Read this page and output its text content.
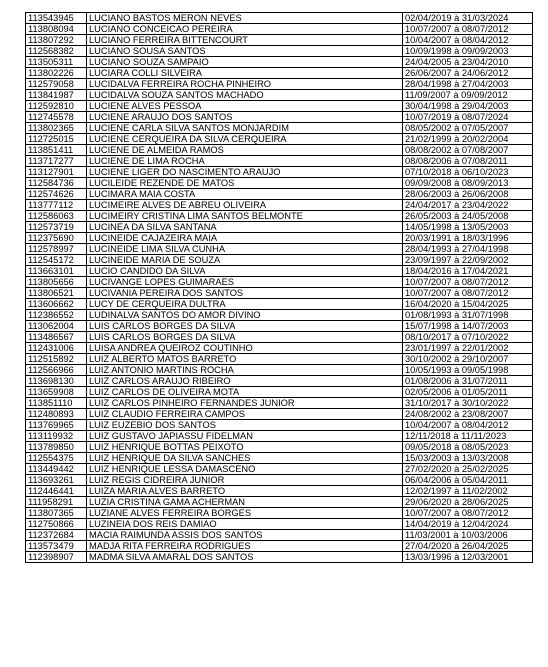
113543945	LUCIANO BASTOS MERON NEVES	02/04/2019 à 31/03/2024
113808094	LUCIANO CONCEICAO PEREIRA	10/07/2007 à 08/07/2012
113807292	LUCIANO FERREIRA BITTENCOURT	10/04/2007 à 08/04/2012
112568382	LUCIANO SOUSA SANTOS	10/09/1998 à 09/09/2003
113505311	LUCIANO SOUZA SAMPAIO	24/04/2005 à 23/04/2010
113802226	LUCIARA COLLI SILVEIRA	26/06/2007 à 24/06/2012
112579058	LUCIDALVA FERREIRA ROCHA PINHEIRO	28/04/1998 à 27/04/2003
113841987	LUCIDALVA SOUZA SANTOS MACHADO	11/09/2007 à 09/09/2012
112592810	LUCIENE ALVES PESSOA	30/04/1998 à 29/04/2003
112745578	LUCIENE ARAUJO DOS SANTOS	10/07/2019 à 08/07/2024
113802365	LUCIENE CARLA SILVA SANTOS MONJARDIM	08/05/2002 à 07/05/2007
112725015	LUCIENE CERQUEIRA DA SILVA CERQUEIRA	21/02/1999 à 20/02/2004
113851411	LUCIENE DE ALMEIDA RAMOS	08/08/2002 à 07/08/2007
113717277	LUCIENE DE LIMA ROCHA	08/08/2006 à 07/08/2011
113127901	LUCIENE LIGER DO NASCIMENTO ARAUJO	07/10/2018 à 06/10/2023
112584736	LUCILEIDE REZENDE DE MATOS	09/09/2008 à 08/09/2013
112574626	LUCIMARA MAIA COSTA	28/06/2003 à 26/06/2008
113777112	LUCIMEIRE ALVES DE ABREU OLIVEIRA	24/04/2017 à 23/04/2022
112586063	LUCIMEIRY CRISTINA LIMA SANTOS BELMONTE	26/05/2003 à 24/05/2008
112573719	LUCINEA DA SILVA SANTANA	14/05/1998 à 13/05/2003
112375690	LUCINEIDE CAJAZEIRA MAIA	20/03/1991 à 18/03/1996
112578997	LUCINEIDE LIMA SILVA CUNHA	28/04/1993 à 27/04/1998
112545172	LUCINEIDE MARIA DE SOUZA	23/09/1997 à 22/09/2002
113663101	LUCIO CANDIDO DA SILVA	18/04/2016 à 17/04/2021
113805656	LUCIVANGE LOPES GUIMARAES	10/07/2007 à 08/07/2012
113806521	LUCIVANIA PEREIRA DOS SANTOS	10/07/2007 à 08/07/2012
113606662	LUCY DE CERQUEIRA DULTRA	16/04/2020 à 15/04/2025
112386552	LUDINALVA SANTOS DO AMOR DIVINO	01/08/1993 à 31/07/1998
113062004	LUIS CARLOS BORGES DA SILVA	15/07/1998 à 14/07/2003
113486567	LUIS CARLOS BORGES DA SILVA	08/10/2017 à 07/10/2022
112431006	LUISA ANDREA QUEIROZ COUTINHO	23/01/1997 à 22/01/2002
112515892	LUIZ ALBERTO MATOS BARRETO	30/10/2002 à 29/10/2007
112566966	LUIZ ANTONIO MARTINS ROCHA	10/05/1993 à 09/05/1998
113698130	LUIZ CARLOS ARAUJO RIBEIRO	01/08/2006 à 31/07/2011
113659908	LUIZ CARLOS DE OLIVEIRA MOTA	02/05/2006 à 01/05/2011
113851110	LUIZ CARLOS PINHEIRO FERNANDES JUNIOR	31/10/2017 à 30/10/2022
112480893	LUIZ CLAUDIO FERREIRA CAMPOS	24/08/2002 à 23/08/2007
113769965	LUIZ EUZEBIO DOS SANTOS	10/04/2007 à 08/04/2012
113119932	LUIZ GUSTAVO JAPIASSU FIDELMAN	12/11/2018 à 11/11/2023
113789850	LUIZ HENRIQUE BOTTAS PEIXOTO	09/05/2018 à 08/05/2023
112554375	LUIZ HENRIQUE DA SILVA SANCHES	15/03/2003 à 13/03/2008
113449442	LUIZ HENRIQUE LESSA DAMASCENO	27/02/2020 à 25/02/2025
113693261	LUIZ REGIS CIDREIRA JUNIOR	06/04/2006 à 05/04/2011
112446441	LUIZA MARIA ALVES BARRETO	12/02/1997 à 11/02/2002
111958291	LUZIA CRISTINA GAMA ACHERMAN	29/06/2020 à 28/06/2025
113807365	LUZIANE ALVES FERREIRA BORGES	10/07/2007 à 08/07/2012
112750866	LUZINEIA DOS REIS DAMIAO	14/04/2019 à 12/04/2024
112372684	MACIA RAIMUNDA ASSIS DOS SANTOS	11/03/2001 à 10/03/2006
113573479	MADJA RITA FERREIRA RODRIGUES	27/04/2020 à 26/04/2025
112398907	MADMA SILVA AMARAL DOS SANTOS	13/03/1996 à 12/03/2001
